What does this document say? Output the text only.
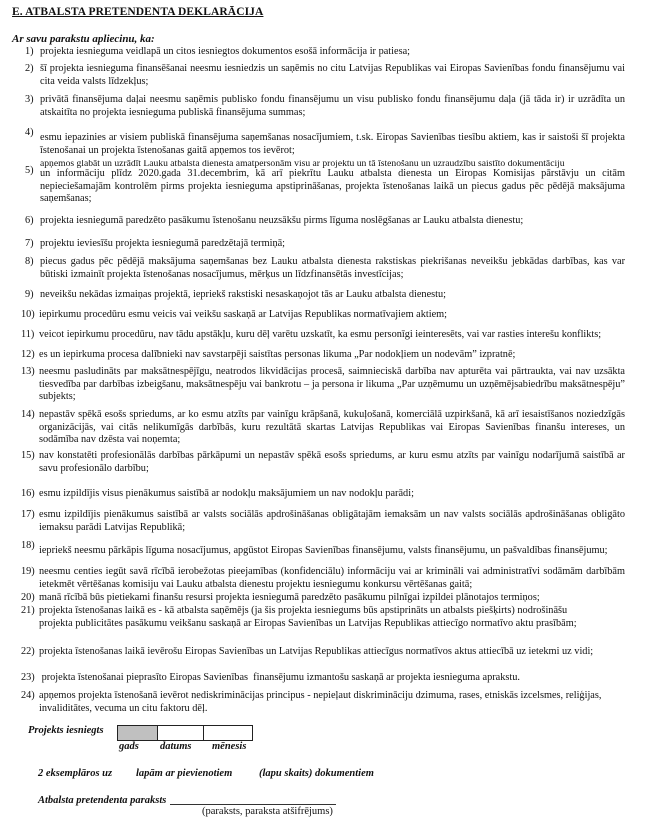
E. ATBALSTA PRETENDENTA DEKLARĀCIJA
Ar savu parakstu apliecinu, ka:
1) projekta iesnieguma veidlapā un citos iesniegtos dokumentos esošā informācija ir patiesa;
2) šī projekta iesnieguma finansēšanai neesmu iesniedzis un saņēmis no citu Latvijas Republikas vai Eiropas Savienības fondu finansējumu vai cita veida valsts līdzekļus;
3) privātā finansējuma daļai neesmu saņēmis publisko fondu finansējumu un visu publisko fondu finansējumu daļa (jā tāda ir) ir uzrādīta un atskaitīta no projekta iesnieguma publiskā finansējuma summas;
4) esmu iepazinies ar visiem publiskā finansējuma saņemšanas nosacījumiem, t.sk. Eiropas Savienības tiesību aktiem, kas ir saistoši šī projekta īstenošanai un projekta īstenošanas gaitā apņemos tos ievērot;
5)
apņemos glabāt un uzrādīt Lauku atbalsta dienesta amatpersonām visu ar projektu un tā īstenošanu un uzraudzību saistīto dokumentāciju
un informāciju plīdz 2020.gada 31.decembrim, kā arī piekrītu Lauku atbalsta dienesta un Eiropas Komisijas pārstāvju un citām nepieciešamajām kontrolēm pirms projekta iesnieguma apstiprināšanas, projekta īstenošanas laikā un piecus gadus pēc pēdējā maksājuma saņemšanas;
6) projekta iesniegumā paredzēto pasākumu īstenošanu neuzsākšu pirms līguma noslēgšanas ar Lauku atbalsta dienestu;
7) projektu ieviesīšu projekta iesniegumā paredzētajā termiņā;
8) piecus gadus pēc pēdējā maksājuma saņemšanas bez Lauku atbalsta dienesta rakstiskas piekrišanas neveikšu jebkādas darbības, kas var būtiski izmainīt projekta īstenošanas nosacījumus, mērķus un līdzfinansētās investīcijas;
9) neveikšu nekādas izmaiņas projektā, iepriekš rakstiski nesaskaņojot tās ar Lauku atbalsta dienestu;
10) iepirkumu procedūru esmu veicis vai veikšu saskaņā ar Latvijas Republikas normatīvajiem aktiem;
11) veicot iepirkumu procedūru, nav tādu apstākļu, kuru dēļ varētu uzskatīt, ka esmu personīgi ieinteresēts, vai var rasties interešu konflikts;
12) es un iepirkuma procesa dalībnieki nav savstarpēji saistītas personas likuma „Par nodokļiem un nodevām” izpratnē;
13) neesmu pasludināts par maksātnespējīgu, neatrodos likvidācijas procesā, saimnieciskā darbība nav apturēta vai pārtraukta, vai nav uzsākta tiesvedība par darbības izbeigšanu, maksātnespēju vai bankrotu – ja persona ir likuma „Par uzņēmumu un uzņēmējsabiedrību maksātnespēju” subjekts;
14) nepastāv spēkā esošs spriedums, ar ko esmu atzīts par vainīgu krāpšanā, kukuļošanā, komerciālā uzpirkšanā, kā arī iesaistīšanos noziedzīgās organizācijās, vai citās nelikumīgās darbībās, kuru rezultātā skartas Latvijas Republikas vai Eiropas Savienības finanšu intereses, un sodāmība nav dzēsta vai noņemta;
15) nav konstatēti profesionālās darbības pārkāpumi un nepastāv spēkā esošs spriedums, ar kuru esmu atzīts par vainīgu nodarījumā saistībā ar savu profesionālo darbību;
16) esmu izpildījis visus pienākumus saistībā ar nodokļu maksājumiem un nav nodokļu parādi;
17) esmu izpildījis pienākumus saistībā ar valsts sociālās apdrošināšanas obligātajām iemaksām un nav valsts sociālās apdrošināšanas obligāto iemaksu parādi Latvijas Republikā;
18) iepriekš neesmu pārkāpis līguma nosacījumus, apgūstot Eiropas Savienības finansējumu, valsts finansējumu, un pašvaldības finansējumu;
19) neesmu centies iegūt savā rīcībā ierobežotas pieejamības (konfidenciālu) informāciju vai ar krimināli vai administratīvi sodāmām darbībām ietekmēt vērtēšanas komisiju vai Lauku atbalsta dienestu projektu iesniegumu konkursu vērtēšanas gaitā;
20) manā rīcībā būs pietiekami finanšu resursi projekta iesniegumā paredzēto pasākumu pilnīgai izpildei plānotajos termiņos;
21) projekta īstenošanas laikā es - kā atbalsta saņēmējs (ja šis projekta iesniegums būs apstiprināts un atbalsts piešķirts) nodrošināšu projekta publicitātes pasākumu veikšanu saskaņā ar Eiropas Savienības un Latvijas Republikas attiecīgo normatīvo aktu prasībām;
22) projekta īstenošanas laikā ievērošu Eiropas Savienības un Latvijas Republikas attiecīgus normatīvos aktus attiecībā uz ietekmi uz vidi;
23) projekta īstenošanai pieprasīto Eiropas Savienības  finansējumu izmantošu saskaņā ar projekta iesnieguma aprakstu.
24) apņemos projekta īstenošanā ievērot nediskriminācijas principus - nepieļaut diskrimināciju dzimuma, rases, etniskās izcelsmes, reliģijas, invaliditātes, vecuma un citu faktoru dēļ.
Projekts iesniegts
gads datums mēnesis
2 eksemplāros uz lapām ar pievienotiem	(lapu skaits) dokumentiem
Atbalsta pretendenta paraksts
(paraksts, paraksta atšifrējums)
